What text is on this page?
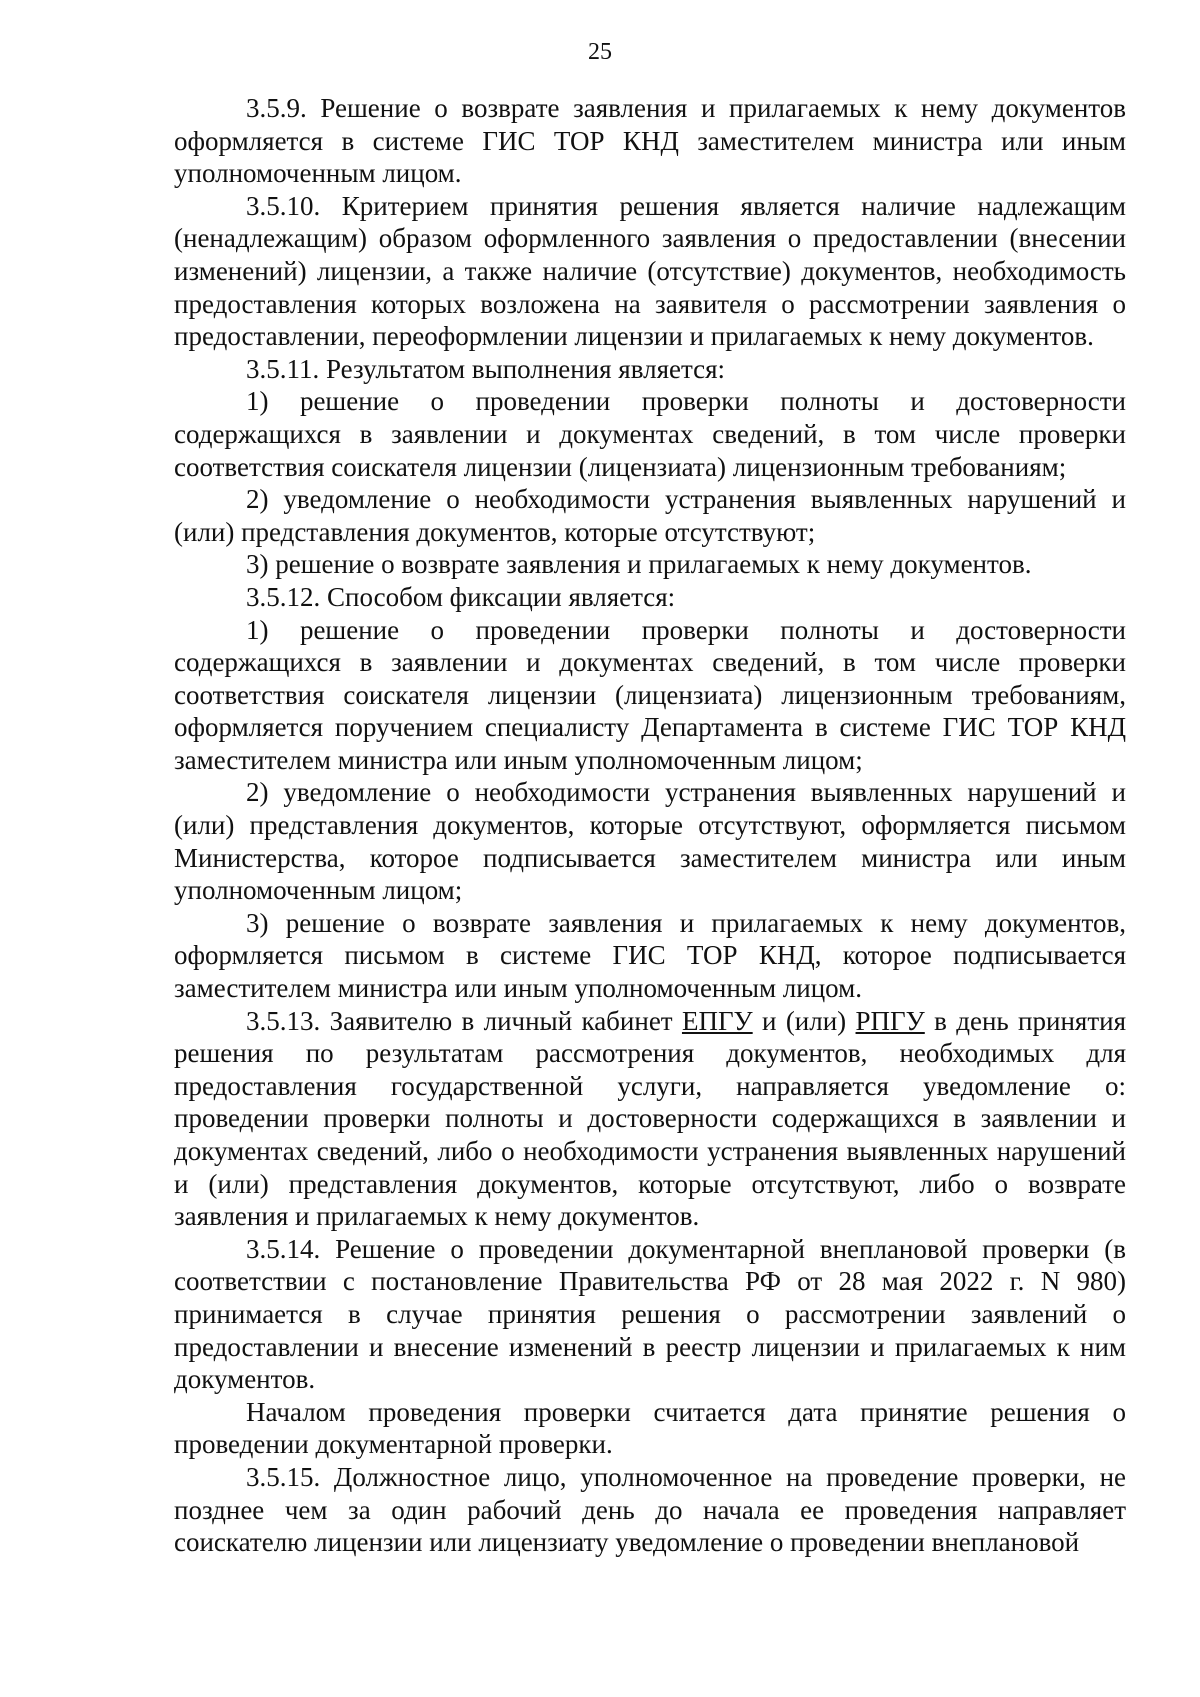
25

3.5.9. Решение о возврате заявления и прилагаемых к нему документов оформляется в системе ГИС ТОР КНД заместителем министра или иным уполномоченным лицом.

3.5.10. Критерием принятия решения является наличие надлежащим (ненадлежащим) образом оформленного заявления о предоставлении (внесении изменений) лицензии, а также наличие (отсутствие) документов, необходимость предоставления которых возложена на заявителя о рассмотрении заявления о предоставлении, переоформлении лицензии и прилагаемых к нему документов.

3.5.11. Результатом выполнения является:

1) решение о проведении проверки полноты и достоверности содержащихся в заявлении и документах сведений, в том числе проверки соответствия соискателя лицензии (лицензиата) лицензионным требованиям;

2) уведомление о необходимости устранения выявленных нарушений и (или) представления документов, которые отсутствуют;

3) решение о возврате заявления и прилагаемых к нему документов.

3.5.12. Способом фиксации является:

1) решение о проведении проверки полноты и достоверности содержащихся в заявлении и документах сведений, в том числе проверки соответствия соискателя лицензии (лицензиата) лицензионным требованиям, оформляется поручением специалисту Департамента в системе ГИС ТОР КНД заместителем министра или иным уполномоченным лицом;

2) уведомление о необходимости устранения выявленных нарушений и (или) представления документов, которые отсутствуют, оформляется письмом Министерства, которое подписывается заместителем министра или иным уполномоченным лицом;

3) решение о возврате заявления и прилагаемых к нему документов, оформляется письмом в системе ГИС ТОР КНД, которое подписывается заместителем министра или иным уполномоченным лицом.

3.5.13. Заявителю в личный кабинет ЕПГУ и (или) РПГУ в день принятия решения по результатам рассмотрения документов, необходимых для предоставления государственной услуги, направляется уведомление о: проведении проверки полноты и достоверности содержащихся в заявлении и документах сведений, либо о необходимости устранения выявленных нарушений и (или) представления документов, которые отсутствуют, либо о возврате заявления и прилагаемых к нему документов.

3.5.14. Решение о проведении документарной внеплановой проверки (в соответствии с постановление Правительства РФ от 28 мая 2022 г. N 980) принимается в случае принятия решения о рассмотрении заявлений о предоставлении и внесение изменений в реестр лицензии и прилагаемых к ним документов.

Началом проведения проверки считается дата принятие решения о проведении документарной проверки.

3.5.15. Должностное лицо, уполномоченное на проведение проверки, не позднее чем за один рабочий день до начала ее проведения направляет соискателю лицензии или лицензиату уведомление о проведении внеплановой
